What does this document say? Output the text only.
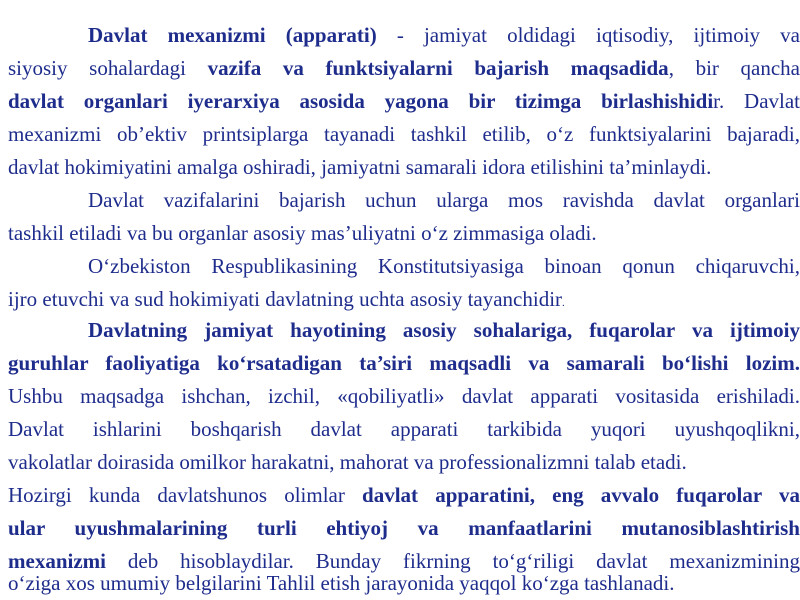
Davlat mexanizmi (apparati) - jamiyat oldidagi iqtisodiy, ijtimoiy va
siyosiy sohalardagi vazifa va funktsiyalarni bajarish maqsadida, bir qancha
davlat organlari iyerarxiya asosida yagona bir tizimga birlashishidir. Davlat
mexanizmi ob’ektiv printsiplarga tayanadi tashkil etilib, o‘z funktsiyalarini bajaradi,
davlat hokimiyatini amalga oshiradi, jamiyatni samarali idora etilishini ta’minlaydi.
Davlat vazifalarini bajarish uchun ularga mos ravishda davlat organlari
tashkil etiladi va bu organlar asosiy mas’uliyatni o‘z zimmasiga oladi.
O‘zbekiston Respublikasining Konstitutsiyasiga binoan qonun chiqaruvchi,
ijro etuvchi va sud hokimiyati davlatning uchta asosiy tayanchidir.
Davlatning jamiyat hayotining asosiy sohalariga, fuqarolar va ijtimoiy
guruhlar faoliyatiga ko‘rsatadigan ta’siri maqsadli va samarali bo‘lishi lozim.
Ushbu maqsadga ishchan, izchil, «qobiliyatli» davlat apparati vositasida erishiladi.
Davlat ishlarini boshqarish davlat apparati tarkibida yuqori uyushqoqlikni,
vakolatlar doirasida omilkor harakatni, mahorat va professionalizmni talab etadi.
Hozirgi kunda davlatshunos olimlar davlat apparatini, eng avvalo fuqarolar va
ular uyushmalarining turli ehtiyoj va manfaatlarini mutanosiblashtirish
mexanizmi deb hisoblaydilar. Bunday fikrning to‘g‘riligi davlat mexanizmining
o‘ziga xos umumiy belgilarini Tahlil etish jarayonida yaqqol ko‘zga tashlanadi.
